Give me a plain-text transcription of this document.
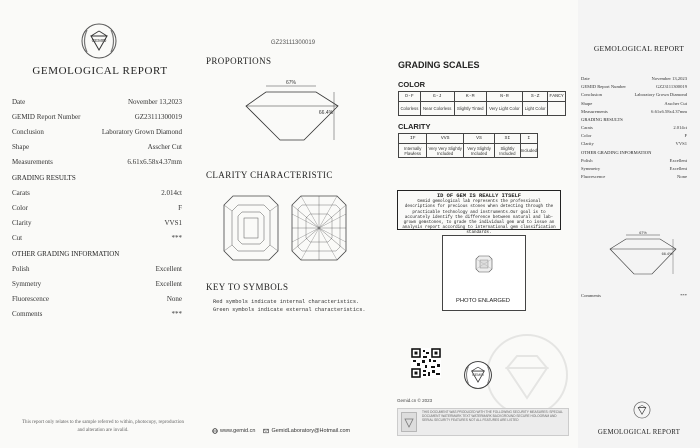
GEMID
GEMOLOGICAL REPORT
Date	November 13,2023
GEMID Report Number	GZ23111300019
Conclusion	Laboratory Grown Diamond
Shape	Asscher Cut
Measurements	6.61x6.58x4.37mm
GRADING RESULTS
Carats	2.014ct
Color	F
Clarity	VVS1
Cut	***
OTHER GRADING INFORMATION
Polish	Excellent
Symmetry	Excellent
Fluorescence	None
Comments	***
This report only relates to the sample referred to within, photocopy, reproduction and alteration are invalid.
GZ23111300019
PROPORTIONS
67%
66.4%
CLARITY CHARACTERISTIC
KEY TO SYMBOLS
Red symbols indicate internal characteristics.
Green symbols indicate external characteristics.
www.gemid.cn	GemidLaboratory@Hotmail.com
GRADING SCALES
COLOR
D-F	G-J	K-M	N-R	S-Z	FANCY
Colorless	Near Colorless	Slightly Tinted	Very Light Color	Light Color	
CLARITY
IF	VVS	VS	SI	I
Internally Flawless	Very Very Slightly Included	Very Slightly Included	Slightly Included	Included
ID OF GEM IS REALLY ITSELF
Gemid gemological lab represents the professional descriptions for precious stones when detecting through the practicable technology and instruments.Our goal is to accurately identify the difference between natural and lab-grown gemstones, to grade the individual gem and to issue an analysis report according to international gem classification standards.
PHOTO ENLARGED
GEMID
Gemid.cn © 2023
THIS DOCUMENT WAS PRODUCED WITH THE FOLLOWING SECURITY MEASURES: SPECIAL DOCUMENT WATERMARK TEXT WATERMARK BACKGROUND SECURE HOLOGRAM AND SERIAL SECURITY FEATURES NOT ALL FEATURES ARE LISTED
GEMOLOGICAL REPORT
Date	November 13,2023
GEMID Report Number	GZ23111300019
Conclusion	Laboratory Grown Diamond
Shape	Asscher Cut
Measurements	6.61x6.58x4.37mm
GRADING RESULTS
Carats	2.014ct
Color	F
Clarity	VVS1
OTHER GRADING INFORMATION
Polish	Excellent
Symmetry	Excellent
Fluorescence	None
67%
66.4%
Comments	***
GEMOLOGICAL REPORT
